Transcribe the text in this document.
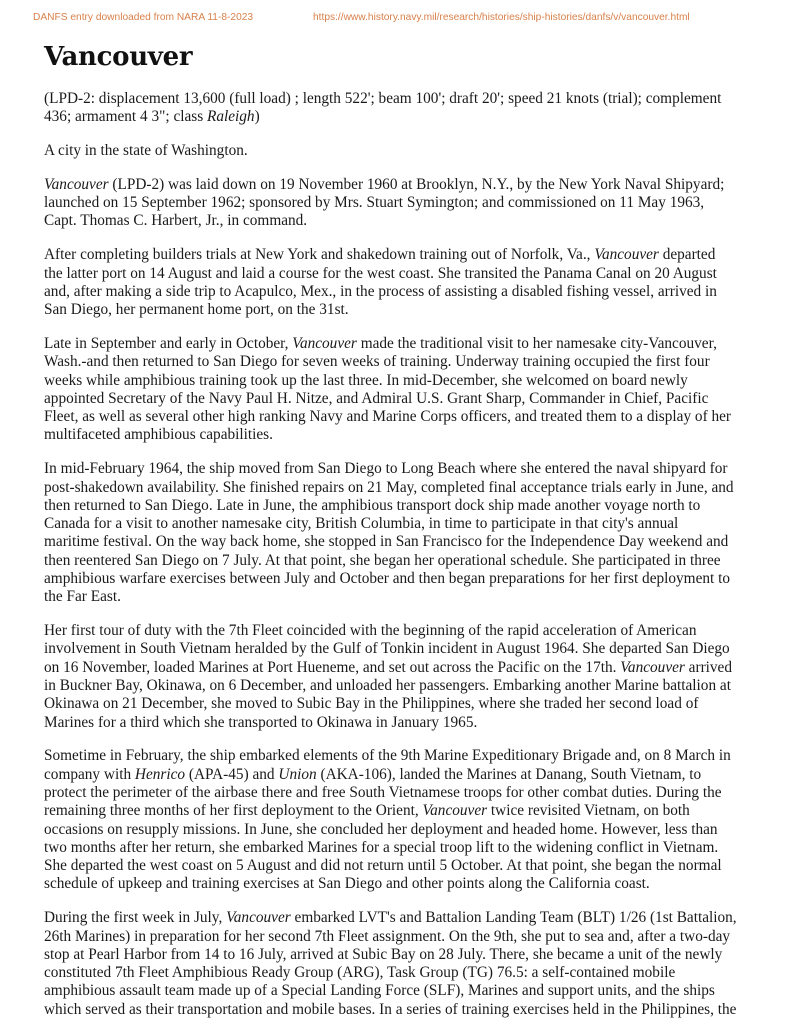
DANFS entry downloaded from NARA 11-8-2023	https://www.history.navy.mil/research/histories/ship-histories/danfs/v/vancouver.html
Vancouver

(LPD-2: displacement 13,600 (full load) ; length 522'; beam 100'; draft 20'; speed 21 knots (trial); complement
436; armament 4 3"; class Raleigh)

A city in the state of Washington.

Vancouver (LPD-2) was laid down on 19 November 1960 at Brooklyn, N.Y., by the New York Naval Shipyard;
launched on 15 September 1962; sponsored by Mrs. Stuart Symington; and commissioned on 11 May 1963,
Capt. Thomas C. Harbert, Jr., in command.

After completing builders trials at New York and shakedown training out of Norfolk, Va., Vancouver departed
the latter port on 14 August and laid a course for the west coast. She transited the Panama Canal on 20 August
and, after making a side trip to Acapulco, Mex., in the process of assisting a disabled fishing vessel, arrived in
San Diego, her permanent home port, on the 31st.

Late in September and early in October, Vancouver made the traditional visit to her namesake city-Vancouver,
Wash.-and then returned to San Diego for seven weeks of training. Underway training occupied the first four
weeks while amphibious training took up the last three. In mid-December, she welcomed on board newly
appointed Secretary of the Navy Paul H. Nitze, and Admiral U.S. Grant Sharp, Commander in Chief, Pacific
Fleet, as well as several other high ranking Navy and Marine Corps officers, and treated them to a display of her
multifaceted amphibious capabilities.

In mid-February 1964, the ship moved from San Diego to Long Beach where she entered the naval shipyard for
post-shakedown availability. She finished repairs on 21 May, completed final acceptance trials early in June, and
then returned to San Diego. Late in June, the amphibious transport dock ship made another voyage north to
Canada for a visit to another namesake city, British Columbia, in time to participate in that city's annual
maritime festival. On the way back home, she stopped in San Francisco for the Independence Day weekend and
then reentered San Diego on 7 July. At that point, she began her operational schedule. She participated in three
amphibious warfare exercises between July and October and then began preparations for her first deployment to
the Far East.

Her first tour of duty with the 7th Fleet coincided with the beginning of the rapid acceleration of American
involvement in South Vietnam heralded by the Gulf of Tonkin incident in August 1964. She departed San Diego
on 16 November, loaded Marines at Port Hueneme, and set out across the Pacific on the 17th. Vancouver arrived
in Buckner Bay, Okinawa, on 6 December, and unloaded her passengers. Embarking another Marine battalion at
Okinawa on 21 December, she moved to Subic Bay in the Philippines, where she traded her second load of
Marines for a third which she transported to Okinawa in January 1965.

Sometime in February, the ship embarked elements of the 9th Marine Expeditionary Brigade and, on 8 March in
company with Henrico (APA-45) and Union (AKA-106), landed the Marines at Danang, South Vietnam, to
protect the perimeter of the airbase there and free South Vietnamese troops for other combat duties. During the
remaining three months of her first deployment to the Orient, Vancouver twice revisited Vietnam, on both
occasions on resupply missions. In June, she concluded her deployment and headed home. However, less than
two months after her return, she embarked Marines for a special troop lift to the widening conflict in Vietnam.
She departed the west coast on 5 August and did not return until 5 October. At that point, she began the normal
schedule of upkeep and training exercises at San Diego and other points along the California coast.

During the first week in July, Vancouver embarked LVT's and Battalion Landing Team (BLT) 1/26 (1st Battalion,
26th Marines) in preparation for her second 7th Fleet assignment. On the 9th, she put to sea and, after a two-day
stop at Pearl Harbor from 14 to 16 July, arrived at Subic Bay on 28 July. There, she became a unit of the newly
constituted 7th Fleet Amphibious Ready Group (ARG), Task Group (TG) 76.5: a self-contained mobile
amphibious assault team made up of a Special Landing Force (SLF), Marines and support units, and the ships
which served as their transportation and mobile bases. In a series of training exercises held in the Philippines, the
